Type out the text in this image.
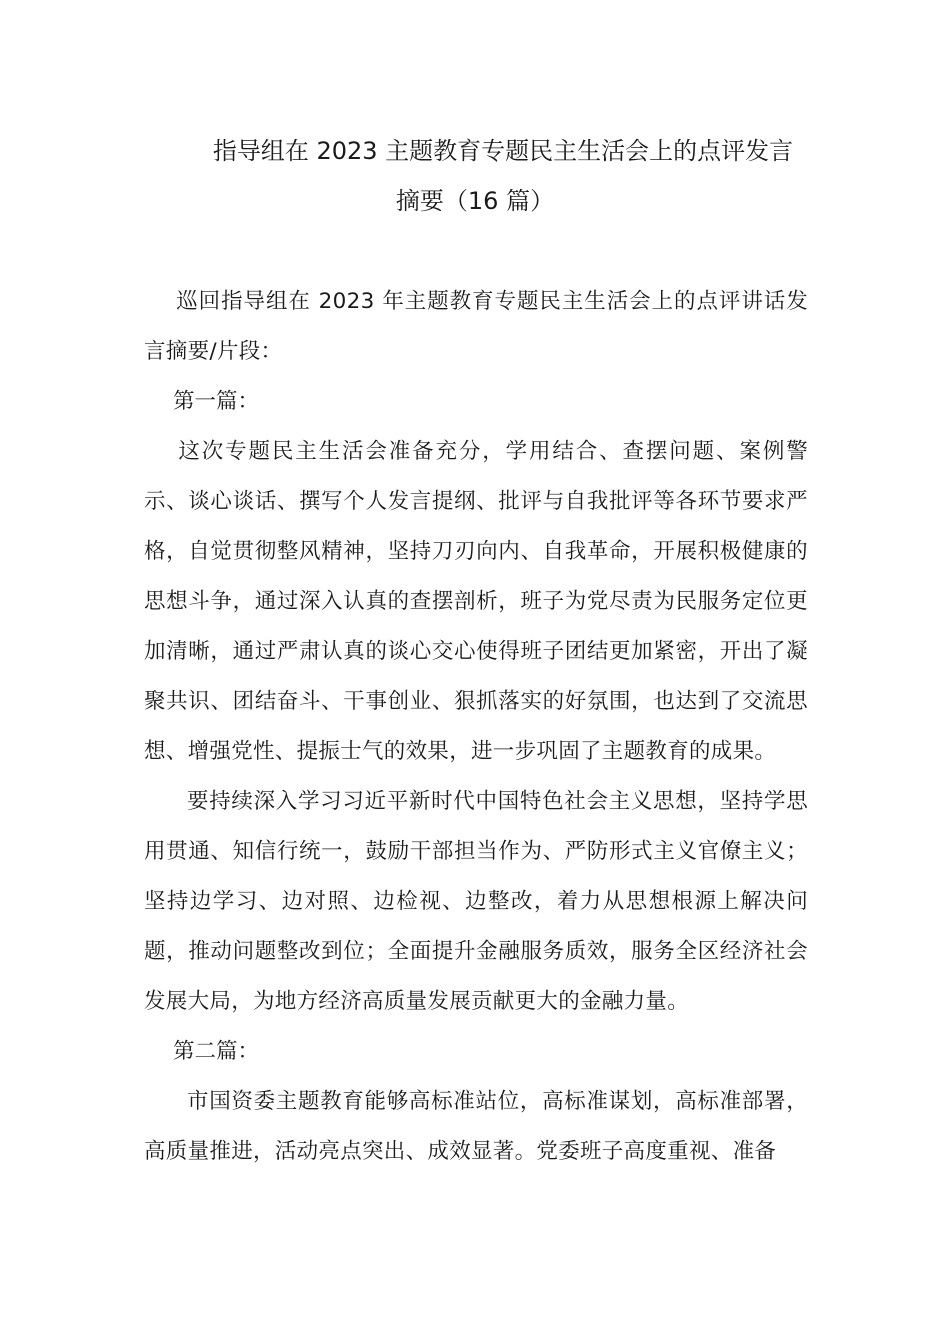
指导组在 2023 主题教育专题民主生活会上的点评发言
摘要（16 篇）

巡回指导组在 2023 年主题教育专题民主生活会上的点评讲话发言摘要/片段：

第一篇：

这次专题民主生活会准备充分，学用结合、查摆问题、案例警示、谈心谈话、撰写个人发言提纲、批评与自我批评等各环节要求严格，自觉贯彻整风精神，坚持刀刃向内、自我革命，开展积极健康的思想斗争，通过深入认真的查摆剖析，班子为党尽责为民服务定位更加清晰，通过严肃认真的谈心交心使得班子团结更加紧密，开出了凝聚共识、团结奋斗、干事创业、狠抓落实的好氛围，也达到了交流思想、增强党性、提振士气的效果，进一步巩固了主题教育的成果。

要持续深入学习习近平新时代中国特色社会主义思想，坚持学思用贯通、知信行统一，鼓励干部担当作为、严防形式主义官僚主义；坚持边学习、边对照、边检视、边整改，着力从思想根源上解决问题，推动问题整改到位；全面提升金融服务质效，服务全区经济社会发展大局，为地方经济高质量发展贡献更大的金融力量。

第二篇：

市国资委主题教育能够高标准站位，高标准谋划，高标准部署，高质量推进，活动亮点突出、成效显著。党委班子高度重视、准备
